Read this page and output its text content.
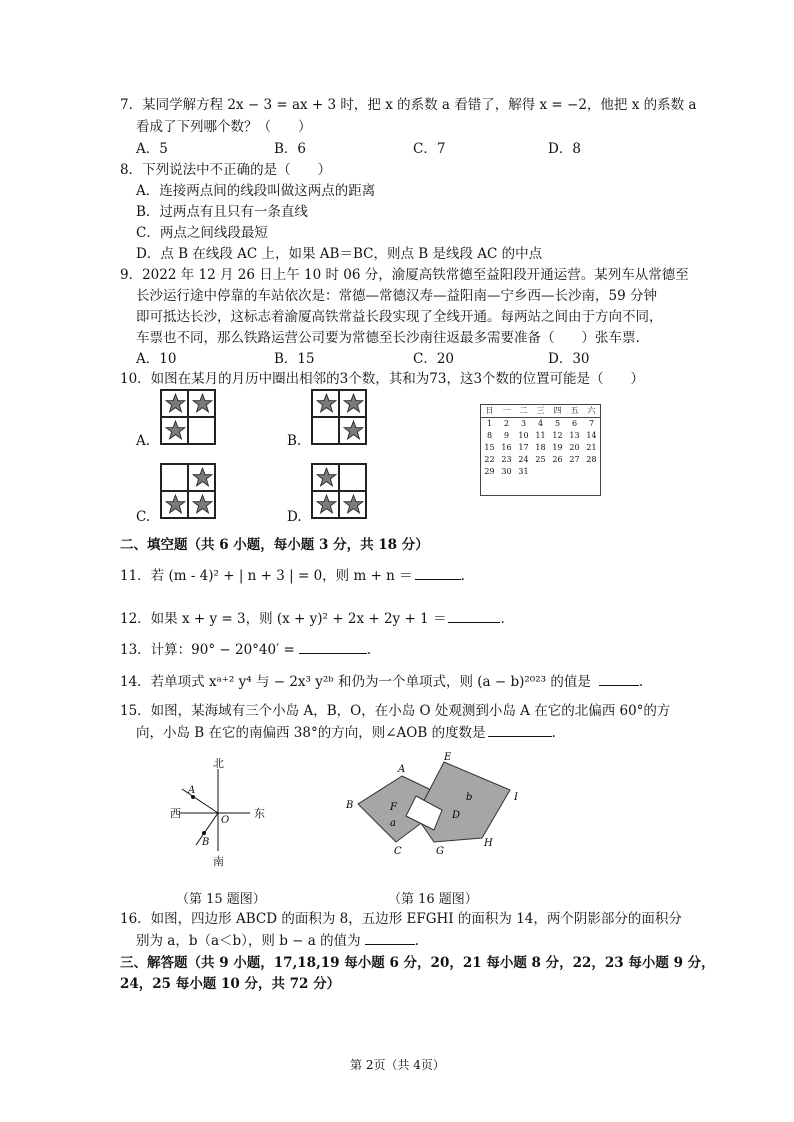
7．某同学解方程 2x − 3 = ax + 3 时，把 x 的系数 a 看错了，解得 x = −2，他把 x 的系数 a
看成了下列哪个数？（　　）
A．5	B．6	C．7	D．8
8．下列说法中不正确的是（　　）
A．连接两点间的线段叫做这两点的距离
B．过两点有且只有一条直线
C．两点之间线段最短
D．点 B 在线段 AC 上，如果 AB＝BC，则点 B 是线段 AC 的中点
9．2022 年 12 月 26 日上午 10 时 06 分，渝厦高铁常德至益阳段开通运营。某列车从常德至
长沙运行途中停靠的车站依次是：常德—常德汉寿—益阳南—宁乡西—长沙南，59 分钟
即可抵达长沙，这标志着渝厦高铁常益长段实现了全线开通。每两站之间由于方向不同，
车票也不同，那么铁路运营公司要为常德至长沙南往返最多需要准备（　　）张车票.
A．10	B．15	C．20	D．30
10．如图在某月的月历中圈出相邻的3个数，其和为73，这3个数的位置可能是（　　）
A.	B.
日	一	二	三	四	五	六
1	2	3	4	5	6	7
8	9	10 11 12 13 14
15 16 17 18 19 20 21
22 23 24 25 26 27 28
29 30 31
C.	D.
二、填空题（共 6 小题，每小题 3 分，共 18 分）
11．若 (m - 4)² + | n + 3 | = 0，则 m + n ＝	.
12．如果 x + y = 3，则 (x + y)² + 2x + 2y + 1 ＝	.
13．计算：90° − 20°40′ =	.
14．若单项式 xᵃ⁺² y⁴ 与 − 2x³ y²ᵇ 和仍为一个单项式，则 (a − b)²⁰²³ 的值是	.
15．如图，某海域有三个小岛 A，B，O，在小岛 O 处观测到小岛 A 在它的北偏西 60°的方
向，小岛 B 在它的南偏西 38°的方向，则∠AOB 的度数是	.
北
南
西	东
A
B
O
（第 15 题图）
A
B
C
D
E
F
G
H
I
a
b
（第 16 题图）
16．如图，四边形 ABCD 的面积为 8，五边形 EFGHI 的面积为 14，两个阴影部分的面积分
别为 a，b（a＜b），则 b − a 的值为	.
三、解答题（共 9 小题，17,18,19 每小题 6 分，20，21 每小题 8 分，22，23 每小题 9 分，
24，25 每小题 10 分，共 72 分）
第 2页（共 4页）
